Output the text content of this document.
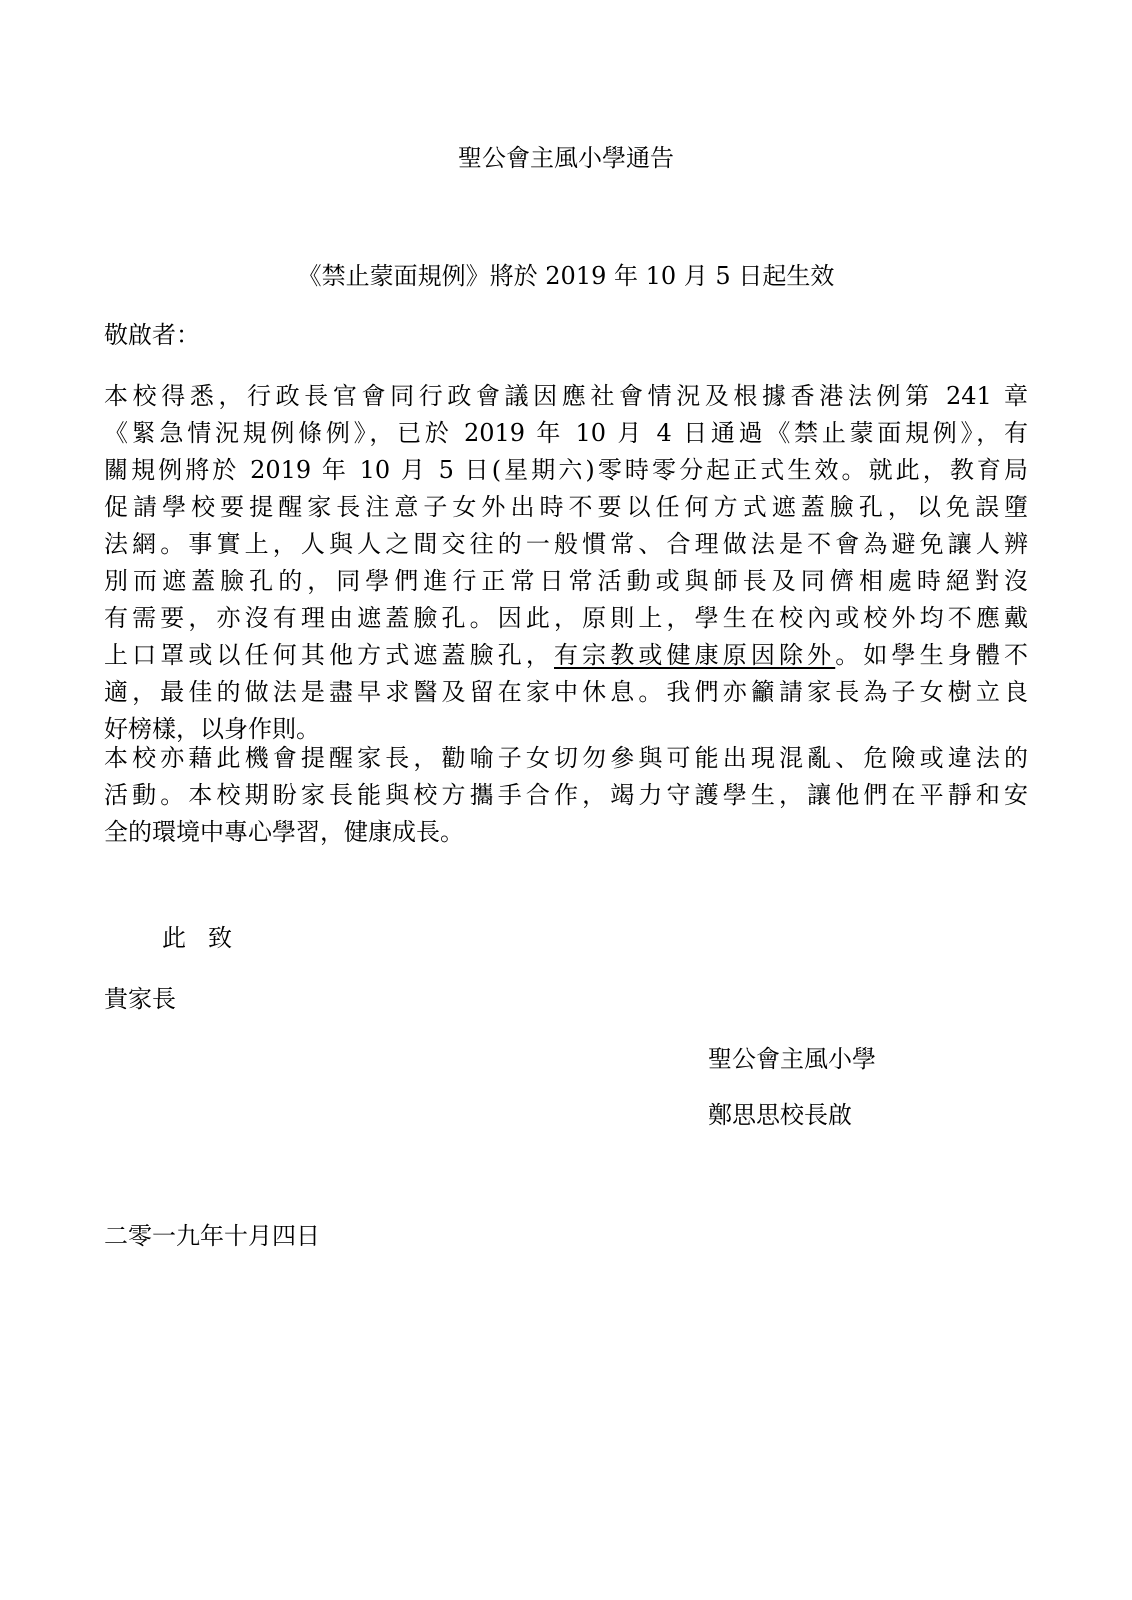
聖公會主風小學通告
《禁止蒙面規例》將於 2019 年 10 月 5 日起生效
敬啟者：
本校得悉，行政長官會同行政會議因應社會情況及根據香港法例第 241 章
《緊急情況規例條例》，已於 2019 年 10 月 4 日通過《禁止蒙面規例》，有
關規例將於 2019 年 10 月 5 日(星期六)零時零分起正式生效。就此，教育局
促請學校要提醒家長注意子女外出時不要以任何方式遮蓋臉孔，以免誤墮
法網。事實上，人與人之間交往的一般慣常、合理做法是不會為避免讓人辨
別而遮蓋臉孔的，同學們進行正常日常活動或與師長及同儕相處時絕對沒
有需要，亦沒有理由遮蓋臉孔。因此，原則上，學生在校內或校外均不應戴
上口罩或以任何其他方式遮蓋臉孔，有宗教或健康原因除外。如學生身體不
適，最佳的做法是盡早求醫及留在家中休息。我們亦籲請家長為子女樹立良
好榜樣，以身作則。
本校亦藉此機會提醒家長，勸喻子女切勿參與可能出現混亂、危險或違法的
活動。本校期盼家長能與校方攜手合作，竭力守護學生，讓他們在平靜和安
全的環境中專心學習，健康成長。
此致
貴家長
聖公會主風小學
鄭思思校長啟
二零一九年十月四日
